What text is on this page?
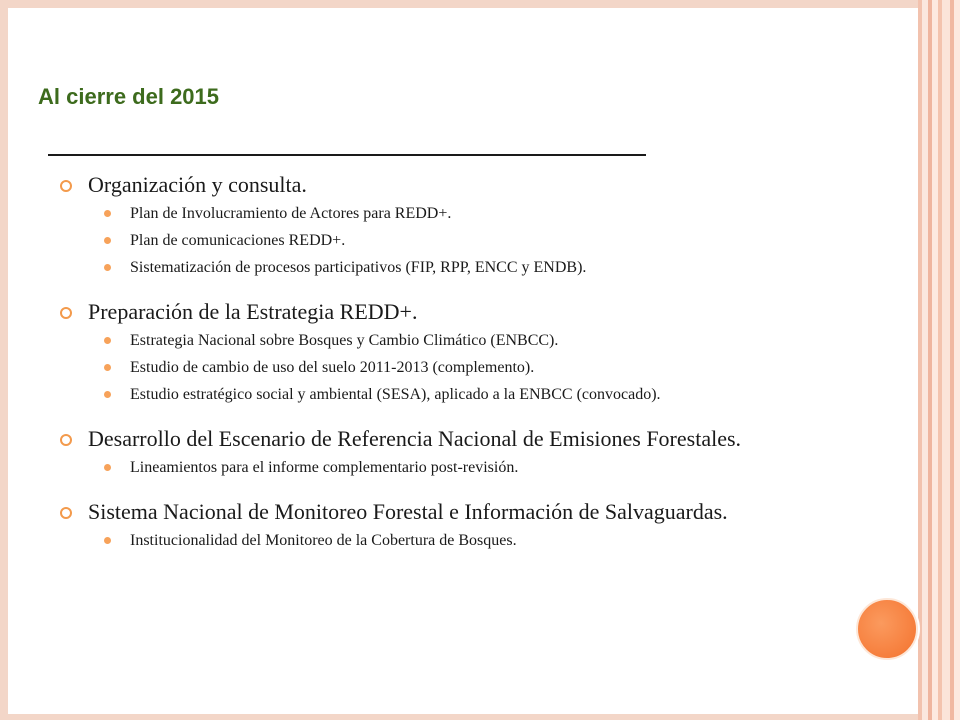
Al cierre del 2015
Organización y consulta.
Plan de Involucramiento de Actores para REDD+.
Plan de comunicaciones REDD+.
Sistematización de procesos participativos (FIP, RPP, ENCC y ENDB).
Preparación de la Estrategia REDD+.
Estrategia Nacional sobre Bosques y Cambio Climático (ENBCC).
Estudio de cambio de uso del suelo 2011-2013 (complemento).
Estudio estratégico social y ambiental (SESA), aplicado a la ENBCC (convocado).
Desarrollo del Escenario de Referencia Nacional de Emisiones Forestales.
Lineamientos para el informe complementario post-revisión.
Sistema Nacional de Monitoreo Forestal e Información de Salvaguardas.
Institucionalidad del Monitoreo de la Cobertura de Bosques.
